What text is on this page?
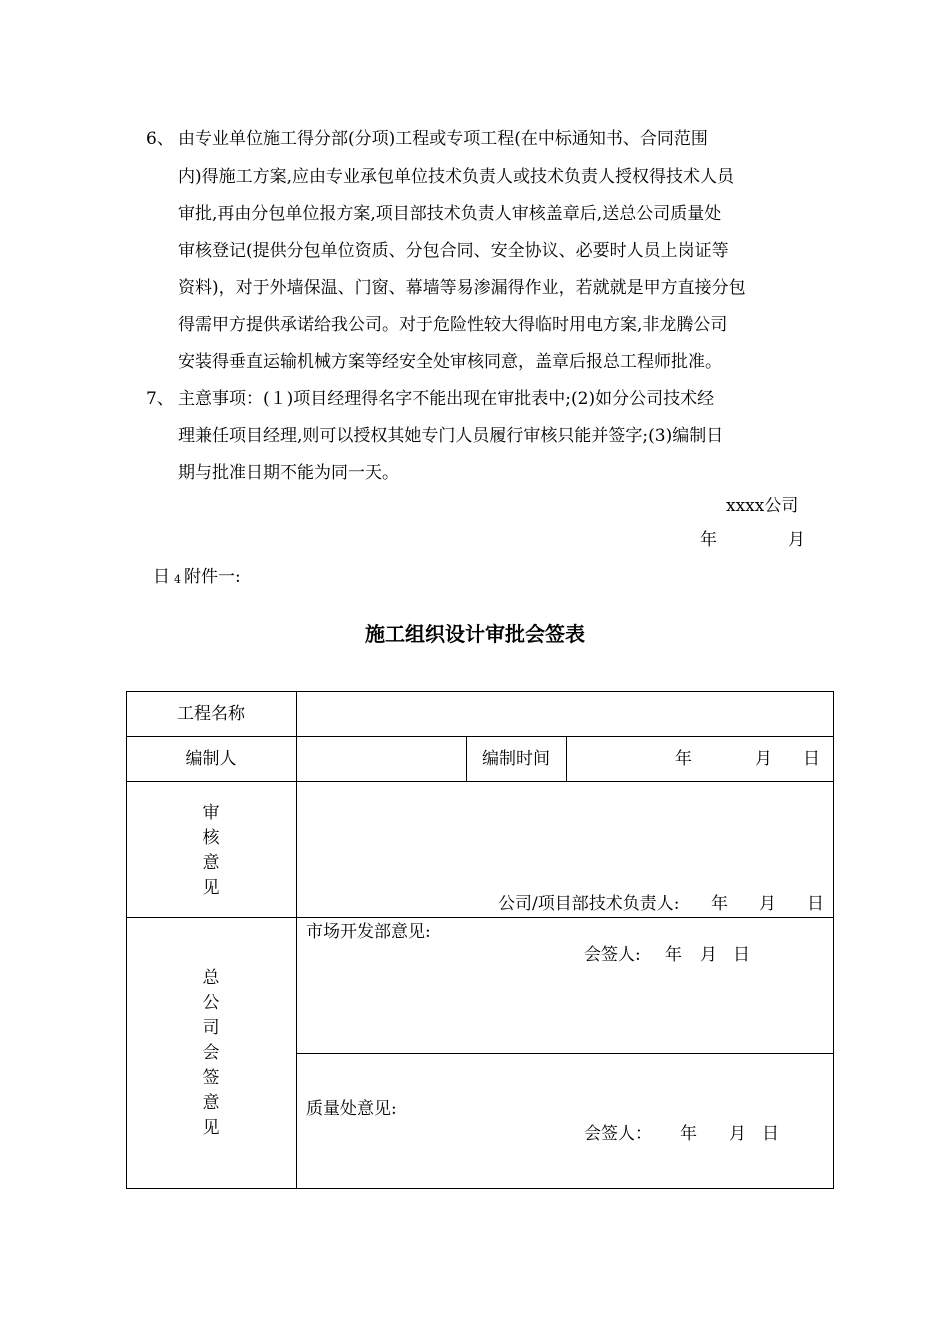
6、 由专业单位施工得分部(分项)工程或专项工程(在中标通知书、合同范围
内)得施工方案,应由专业承包单位技术负责人或技术负责人授权得技术人员
审批,再由分包单位报方案,项目部技术负责人审核盖章后,送总公司质量处
审核登记(提供分包单位资质、分包合同、安全协议、必要时人员上岗证等
资料)，对于外墙保温、门窗、幕墙等易渗漏得作业，若就就是甲方直接分包
得需甲方提供承诺给我公司。对于危险性较大得临时用电方案,非龙腾公司
安装得垂直运输机械方案等经安全处审核同意，盖章后报总工程师批准。
7、 主意事项：(１)项目经理得名字不能出现在审批表中;(2)如分公司技术经
理兼任项目经理,则可以授权其她专门人员履行审核只能并签字;(3)编制日
期与批准日期不能为同一天。
xxxx公司
年	月
日 4 附件一:
施工组织设计审批会签表
工程名称
编制人	编制时间	年	月 日
审
核
意
见
公司/项目部技术负责人: 年 月 日
总
公
司
会
签
意
见
市场开发部意见:
会签人: 年 月 日
质量处意见:
会签人： 年 月 日
